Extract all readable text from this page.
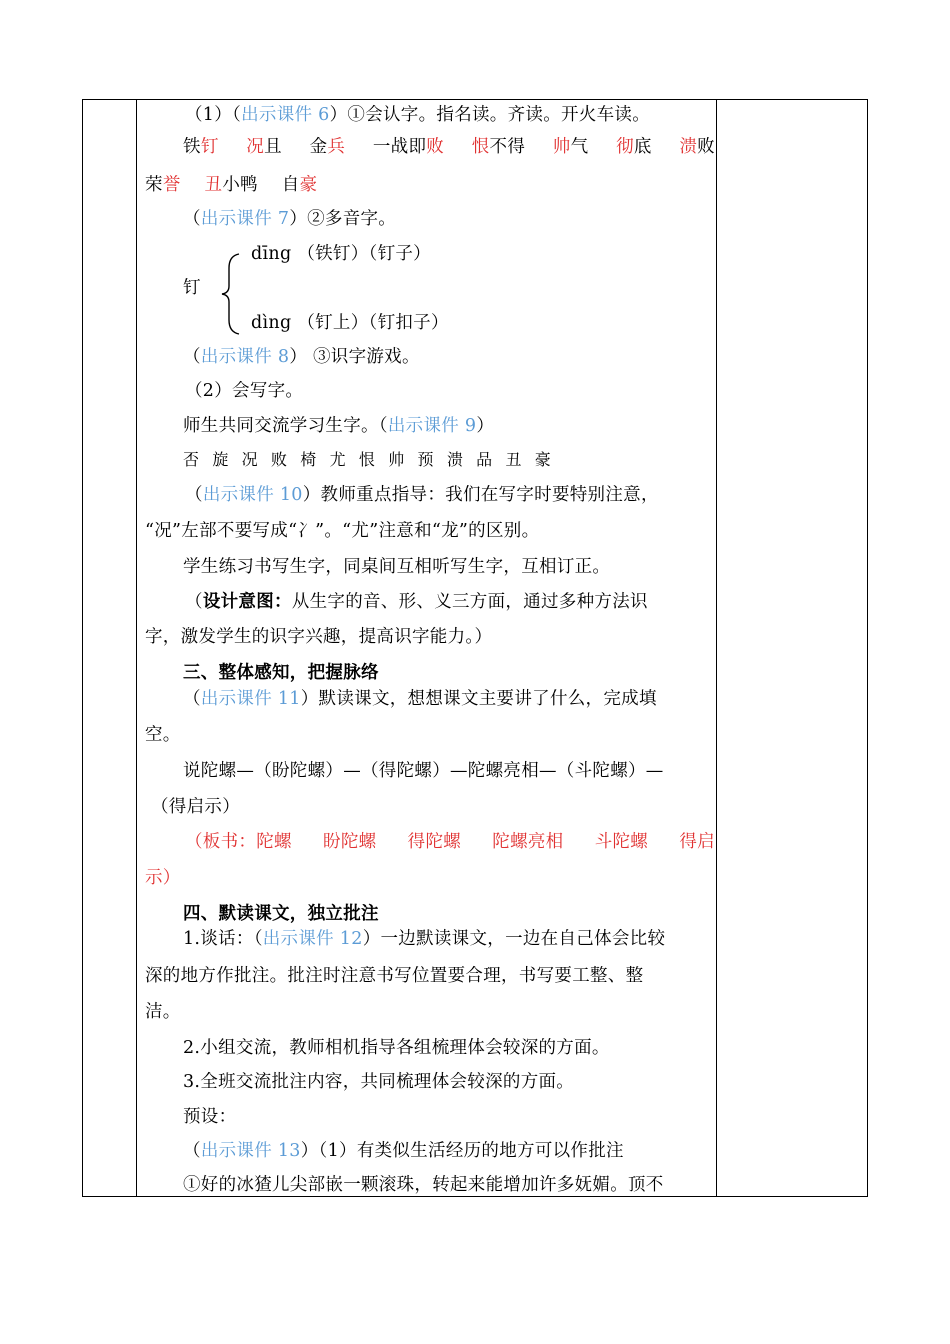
（1）（出示课件 6）①会认字。指名读。齐读。开火车读。
铁钉 况且 金兵 一战即败 恨不得 帅气 彻底 溃败
荣誉 丑小鸭 自豪
（出示课件 7）②多音字。
dīng （铁钉）（钉子）
钉
dìng （钉上）（钉扣子）
（出示课件 8） ③识字游戏。
（2）会写字。
师生共同交流学习生字。（出示课件 9）
否 旋 况 败 椅 尤 恨 帅 预 溃 品 丑 豪
（出示课件 10）教师重点指导：我们在写字时要特别注意，
“况”左部不要写成“冫”。“尤”注意和“龙”的区别。
学生练习书写生字，同桌间互相听写生字，互相订正。
（设计意图：从生字的音、形、义三方面，通过多种方法识
字，激发学生的识字兴趣，提高识字能力。）
三、整体感知，把握脉络
（出示课件 11）默读课文，想想课文主要讲了什么，完成填
空。
说陀螺—（盼陀螺）—（得陀螺）—陀螺亮相—（斗陀螺）—
（得启示）
（板书：陀螺 盼陀螺 得陀螺 陀螺亮相 斗陀螺 得启
示）
四、默读课文，独立批注
1.谈话：（出示课件 12）一边默读课文，一边在自己体会比较
深的地方作批注。批注时注意书写位置要合理，书写要工整、整
洁。
2.小组交流，教师相机指导各组梳理体会较深的方面。
3.全班交流批注内容，共同梳理体会较深的方面。
预设：
（出示课件 13）（1）有类似生活经历的地方可以作批注
①好的冰猹儿尖部嵌一颗滚珠，转起来能增加许多妩媚。顶不
